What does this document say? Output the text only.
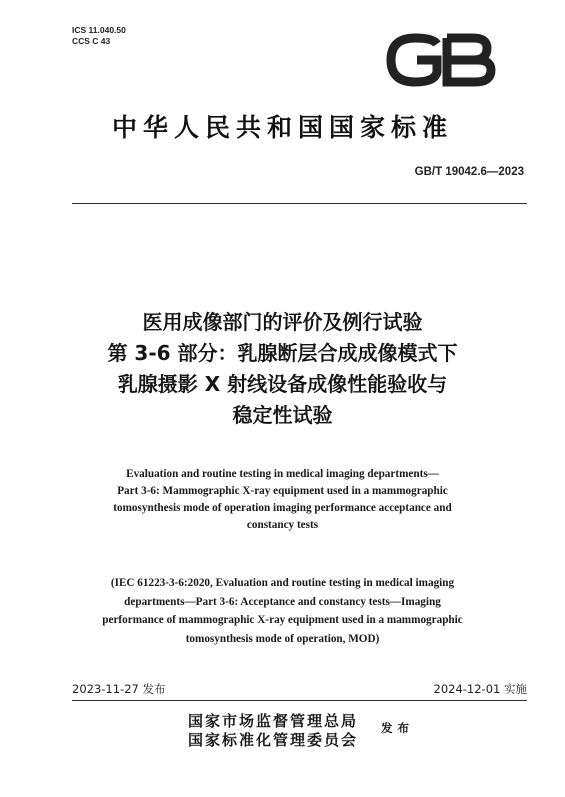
ICS 11.040.50
CCS C 43
中华人民共和国国家标准
GB/T 19042.6—2023
医用成像部门的评价及例行试验
第 3-6 部分：乳腺断层合成成像模式下
乳腺摄影 X 射线设备成像性能验收与
稳定性试验
Evaluation and routine testing in medical imaging departments—
Part 3-6: Mammographic X-ray equipment used in a mammographic
tomosynthesis mode of operation imaging performance acceptance and
constancy tests
(IEC 61223-3-6:2020, Evaluation and routine testing in medical imaging
departments—Part 3-6: Acceptance and constancy tests—Imaging
performance of mammographic X-ray equipment used in a mammographic
tomosynthesis mode of operation, MOD)
2023-11-27 发布	2024-12-01 实施
国家市场监督管理总局
国家标准化管理委员会
发布
